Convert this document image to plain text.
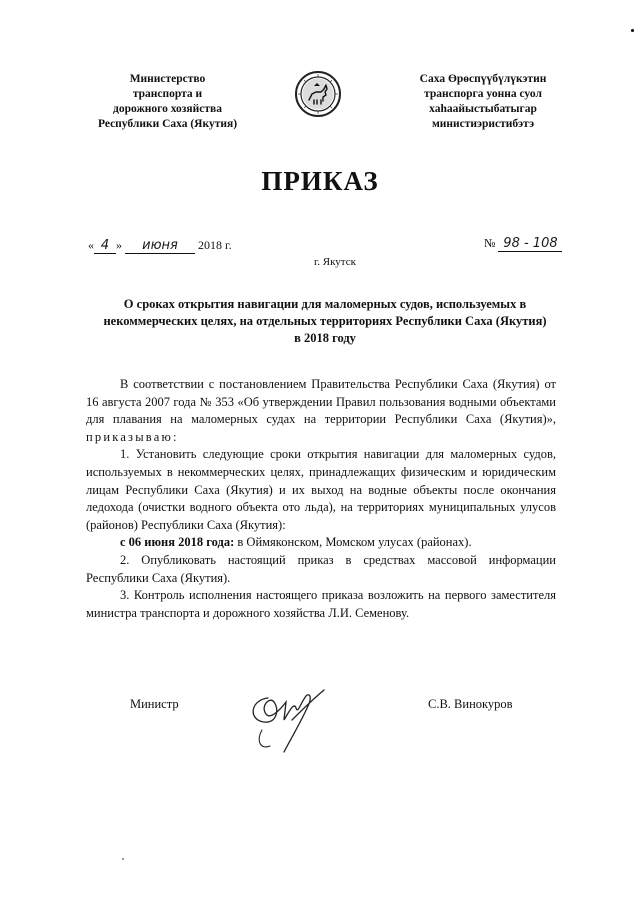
Министерство
транспорта и
дорожного хозяйства
Республики Саха (Якутия)
Саха Өрөспүүбүлүкэтин
транспорга уонна суол
хаһаайыстыбатыгар
министиэристибэтэ
ПРИКАЗ
« 4 » июня 2018 г.	№ 98 - 108
г. Якутск
О сроках открытия навигации для маломерных судов, используемых в некоммерческих целях, на отдельных территориях Республики Саха (Якутия) в 2018 году

В соответствии с постановлением Правительства Республики Саха (Якутия) от 16 августа 2007 года № 353 «Об утверждении Правил пользования водными объектами для плавания на маломерных судах на территории Республики Саха (Якутия)», приказываю:

1. Установить следующие сроки открытия навигации для маломерных судов, используемых в некоммерческих целях, принадлежащих физическим и юридическим лицам Республики Саха (Якутия) и их выход на водные объекты после окончания ледохода (очистки водного объекта ото льда), на территориях муниципальных улусов (районов) Республики Саха (Якутия):

с 06 июня 2018 года: в Оймяконском, Момском улусах (районах).

2. Опубликовать настоящий приказ в средствах массовой информации Республики Саха (Якутия).

3. Контроль исполнения настоящего приказа возложить на первого заместителя министра транспорта и дорожного хозяйства Л.И. Семенову.

Министр	С.В. Винокуров
